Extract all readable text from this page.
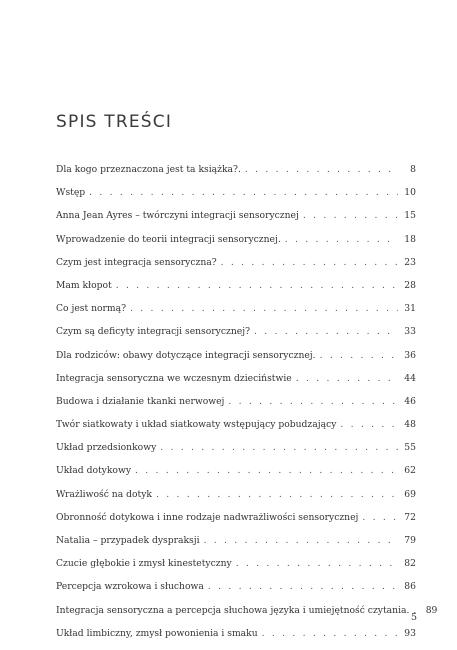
SPIS TREŚCI
Dla kogo przeznaczona jest ta książka?. . . .	8
Wstęp . . .	10
Anna Jean Ayres – twórczyni integracji sensorycznej . . .	15
Wprowadzenie do teorii integracji sensorycznej. . . .	18
Czym jest integracja sensoryczna? . . .	23
Mam kłopot . . .	28
Co jest normą? . . .	31
Czym są deficyty integracji sensorycznej? . . .	33
Dla rodziców: obawy dotyczące integracji sensorycznej. . . .	36
Integracja sensoryczna we wczesnym dzieciństwie . . .	44
Budowa i działanie tkanki nerwowej . . .	46
Twór siatkowaty i układ siatkowaty wstępujący pobudzający . . .	48
Układ przedsionkowy . . .	55
Układ dotykowy . . .	62
Wrażliwość na dotyk . . .	69
Obronność dotykowa i inne rodzaje nadwrażliwości sensorycznej . . .	72
Natalia – przypadek dyspraksji . . .	79
Czucie głębokie i zmysł kinestetyczny . . .	82
Percepcja wzrokowa i słuchowa . . .	86
Integracja sensoryczna a percepcja słuchowa języka i umiejętność czytania. . . . 89
Układ limbiczny, zmysł powonienia i smaku . . .	93
5
